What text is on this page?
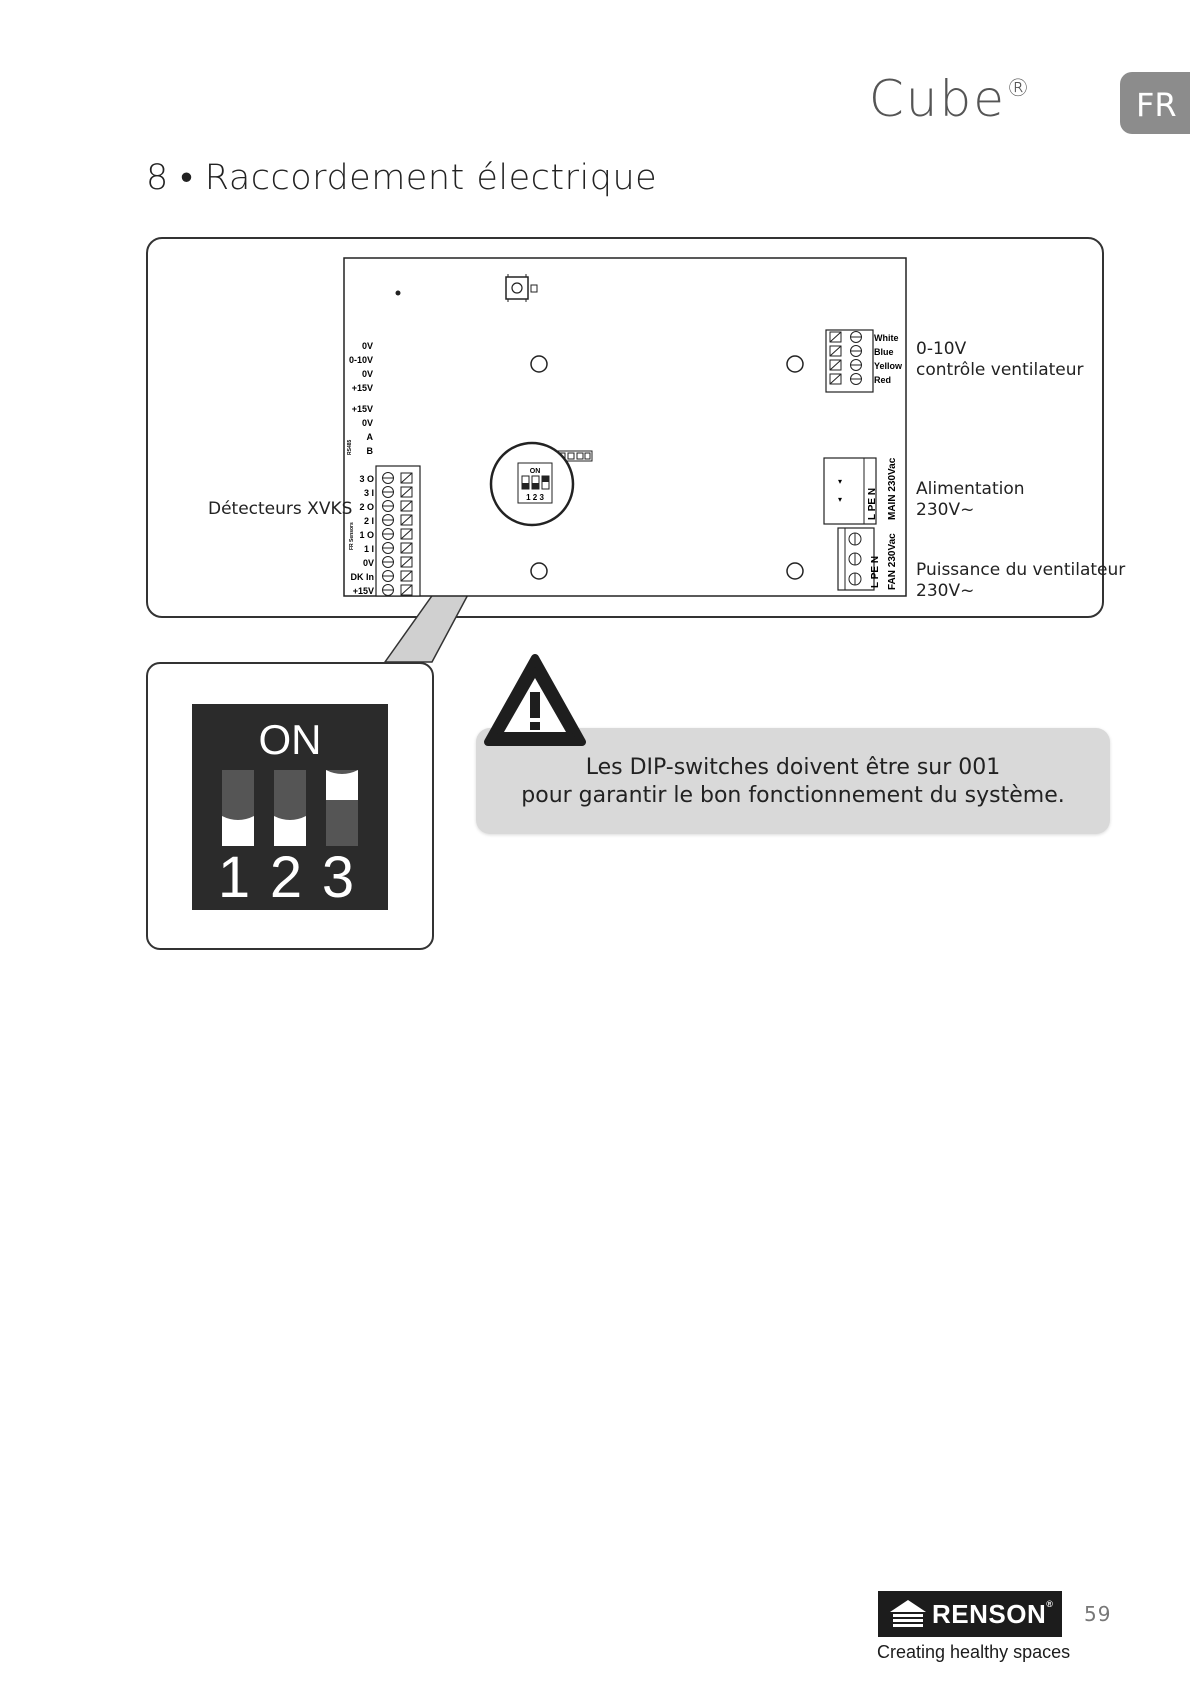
Cube®	FR
8 • Raccordement électrique
ON
1 2 3
0V
0-10V
0V
+15V
+15V
0V
A
B
RS485
3 O
3 I
2 O
2 I
1 O
1 I
0V
DK In
+15V
FR Sensors
White
Blue
Yellow
Red
▾
▾ L PE N MAIN 230Vac
L PE N FAN 230Vac
Détecteurs XVKS
0-10V
contrôle ventilateur
Alimentation
230V~
Puissance du ventilateur
230V~
ON
1 2 3
Les DIP-switches doivent être sur 001
pour garantir le bon fonctionnement du système.
RENSON®
Creating healthy spaces
59
